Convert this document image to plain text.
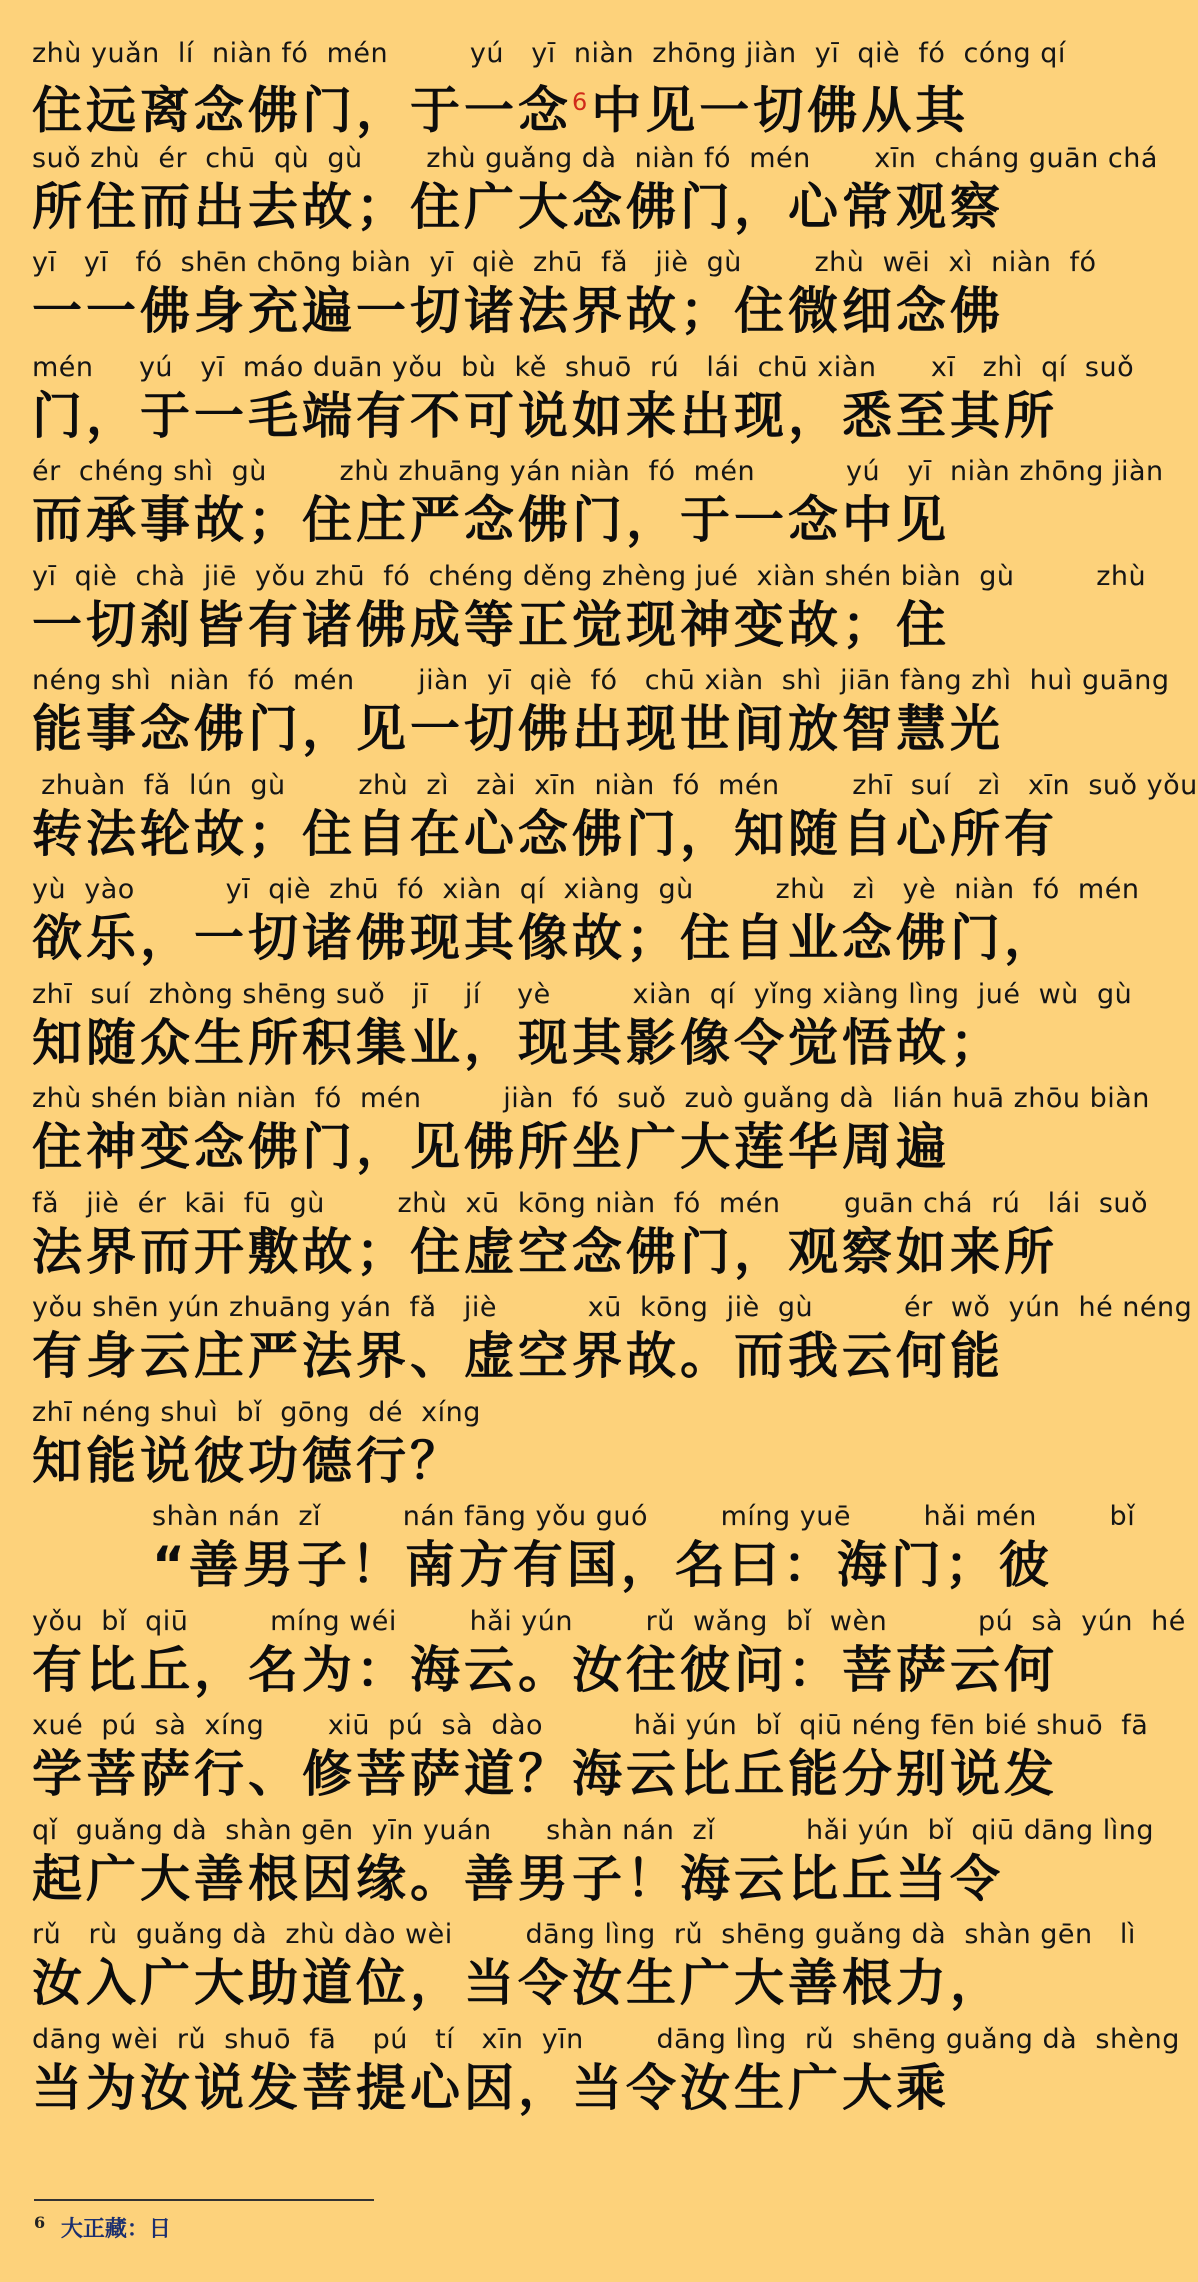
zhù yuǎn  lí  niàn fó  mén         yú   yī  niàn  zhōng jiàn  yī  qiè  fó  cóng qí
住远离念佛门，于一念$^6$中见一切佛从其
suǒ zhù  ér  chū  qù  gù       zhù guǎng dà  niàn fó  mén       xīn  cháng guān chá
所住而出去故；住广大念佛门，心常观察
yī   yī   fó  shēn chōng biàn  yī  qiè  zhū  fǎ   jiè  gù        zhù  wēi  xì  niàn  fó
一一佛身充遍一切诸法界故；住微细念佛
mén     yú   yī  máo duān yǒu  bù  kě  shuō  rú   lái  chū xiàn      xī   zhì  qí  suǒ
门，于一毛端有不可说如来出现，悉至其所
ér  chéng shì  gù        zhù zhuāng yán niàn  fó  mén          yú   yī  niàn zhōng jiàn
而承事故；住庄严念佛门，于一念中见
yī  qiè  chà  jiē  yǒu zhū  fó  chéng děng zhèng jué  xiàn shén biàn  gù         zhù
一切刹皆有诸佛成等正觉现神变故；住
néng shì  niàn  fó  mén       jiàn  yī  qiè  fó   chū xiàn  shì  jiān fàng zhì  huì guāng
能事念佛门，见一切佛出现世间放智慧光
zhuàn  fǎ  lún  gù        zhù  zì   zài  xīn  niàn  fó  mén        zhī  suí   zì   xīn  suǒ yǒu
转法轮故；住自在心念佛门，知随自心所有
yù  yào          yī  qiè  zhū  fó  xiàn  qí  xiàng  gù         zhù   zì   yè  niàn  fó  mén
欲乐，一切诸佛现其像故；住自业念佛门，
zhī  suí  zhòng shēng suǒ   jī    jí    yè         xiàn  qí  yǐng xiàng lìng  jué  wù  gù
知随众生所积集业，现其影像令觉悟故；
zhù shén biàn niàn  fó  mén         jiàn  fó  suǒ  zuò guǎng dà  lián huā zhōu biàn
住神变念佛门，见佛所坐广大莲华周遍
fǎ   jiè  ér  kāi  fū  gù        zhù  xū  kōng niàn  fó  mén       guān chá  rú   lái  suǒ
法界而开敷故；住虚空念佛门，观察如来所
yǒu shēn yún zhuāng yán  fǎ   jiè          xū  kōng  jiè  gù          ér  wǒ  yún  hé néng
有身云庄严法界、虚空界故。而我云何能
zhī néng shuì  bǐ  gōng  dé  xíng
知能说彼功德行？
shàn nán  zǐ         nán fāng yǒu guó        míng yuē        hǎi mén        bǐ
“善男子！南方有国，名曰：海门；彼
yǒu  bǐ  qiū         míng wéi        hǎi yún        rǔ  wǎng  bǐ  wèn          pú  sà  yún  hé
有比丘，名为：海云。汝往彼问：菩萨云何
xué  pú  sà  xíng       xiū  pú  sà  dào          hǎi yún  bǐ  qiū néng fēn bié shuō  fā
学菩萨行、修菩萨道？海云比丘能分别说发
qǐ  guǎng dà  shàn gēn  yīn yuán      shàn nán  zǐ          hǎi yún  bǐ  qiū dāng lìng
起广大善根因缘。善男子！海云比丘当令
rǔ   rù  guǎng dà  zhù dào wèi        dāng lìng  rǔ  shēng guǎng dà  shàn gēn   lì
汝入广大助道位，当令汝生广大善根力，
dāng wèi  rǔ  shuō  fā    pú   tí   xīn  yīn        dāng lìng  rǔ  shēng guǎng dà  shèng
当为汝说发菩提心因，当令汝生广大乘
$^6$ 大正藏：日
